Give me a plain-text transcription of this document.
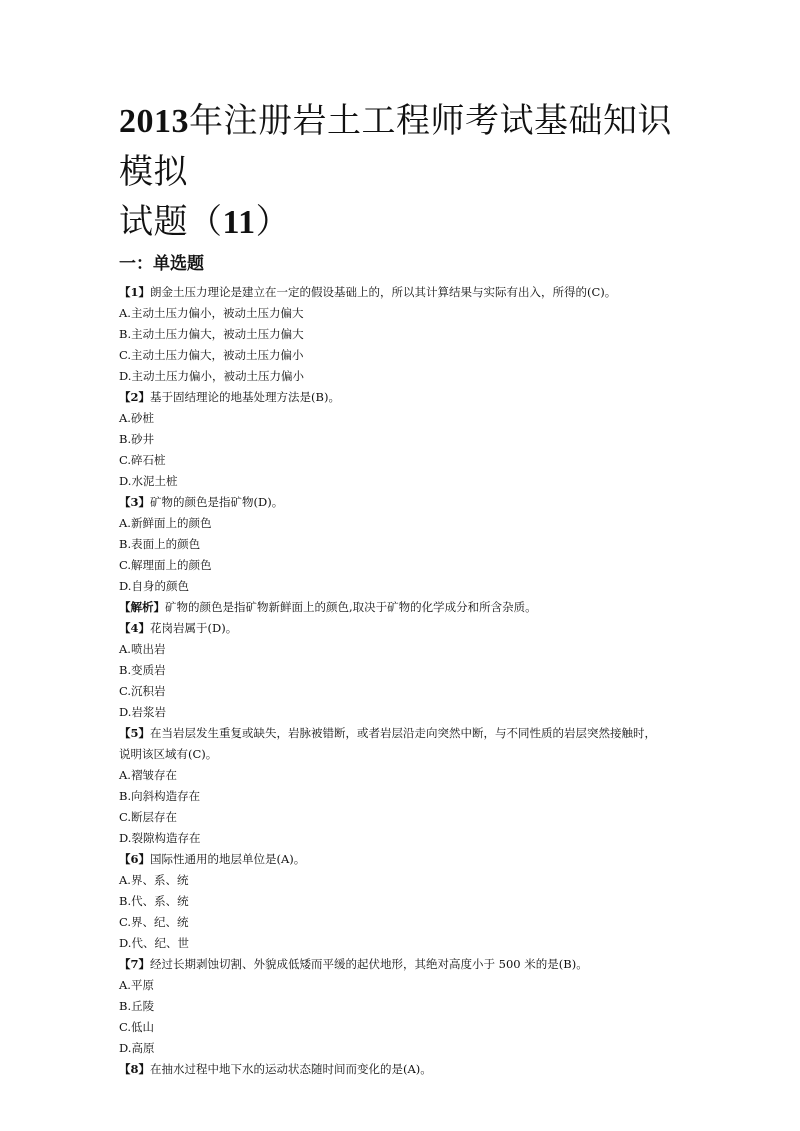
2013年注册岩土工程师考试基础知识模拟
试题（11）
一：单选题
【1】朗金土压力理论是建立在一定的假设基础上的，所以其计算结果与实际有出入，所得的(C)。
A.主动土压力偏小，被动土压力偏大
B.主动土压力偏大，被动土压力偏大
C.主动土压力偏大，被动土压力偏小
D.主动土压力偏小，被动土压力偏小
【2】基于固结理论的地基处理方法是(B)。
A.砂桩
B.砂井
C.碎石桩
D.水泥土桩
【3】矿物的颜色是指矿物(D)。
A.新鲜面上的颜色
B.表面上的颜色
C.解理面上的颜色
D.自身的颜色
【解析】矿物的颜色是指矿物新鲜面上的颜色,取决于矿物的化学成分和所含杂质。
【4】花岗岩属于(D)。
A.喷出岩
B.变质岩
C.沉积岩
D.岩浆岩
【5】在当岩层发生重复或缺失，岩脉被错断，或者岩层沿走向突然中断，与不同性质的岩层突然接触时，
说明该区域有(C)。
A.褶皱存在
B.向斜构造存在
C.断层存在
D.裂隙构造存在
【6】国际性通用的地层单位是(A)。
A.界、系、统
B.代、系、统
C.界、纪、统
D.代、纪、世
【7】经过长期剥蚀切割、外貌成低矮而平缓的起伏地形，其绝对高度小于 500 米的是(B)。
A.平原
B.丘陵
C.低山
D.高原
【8】在抽水过程中地下水的运动状态随时间而变化的是(A)。
